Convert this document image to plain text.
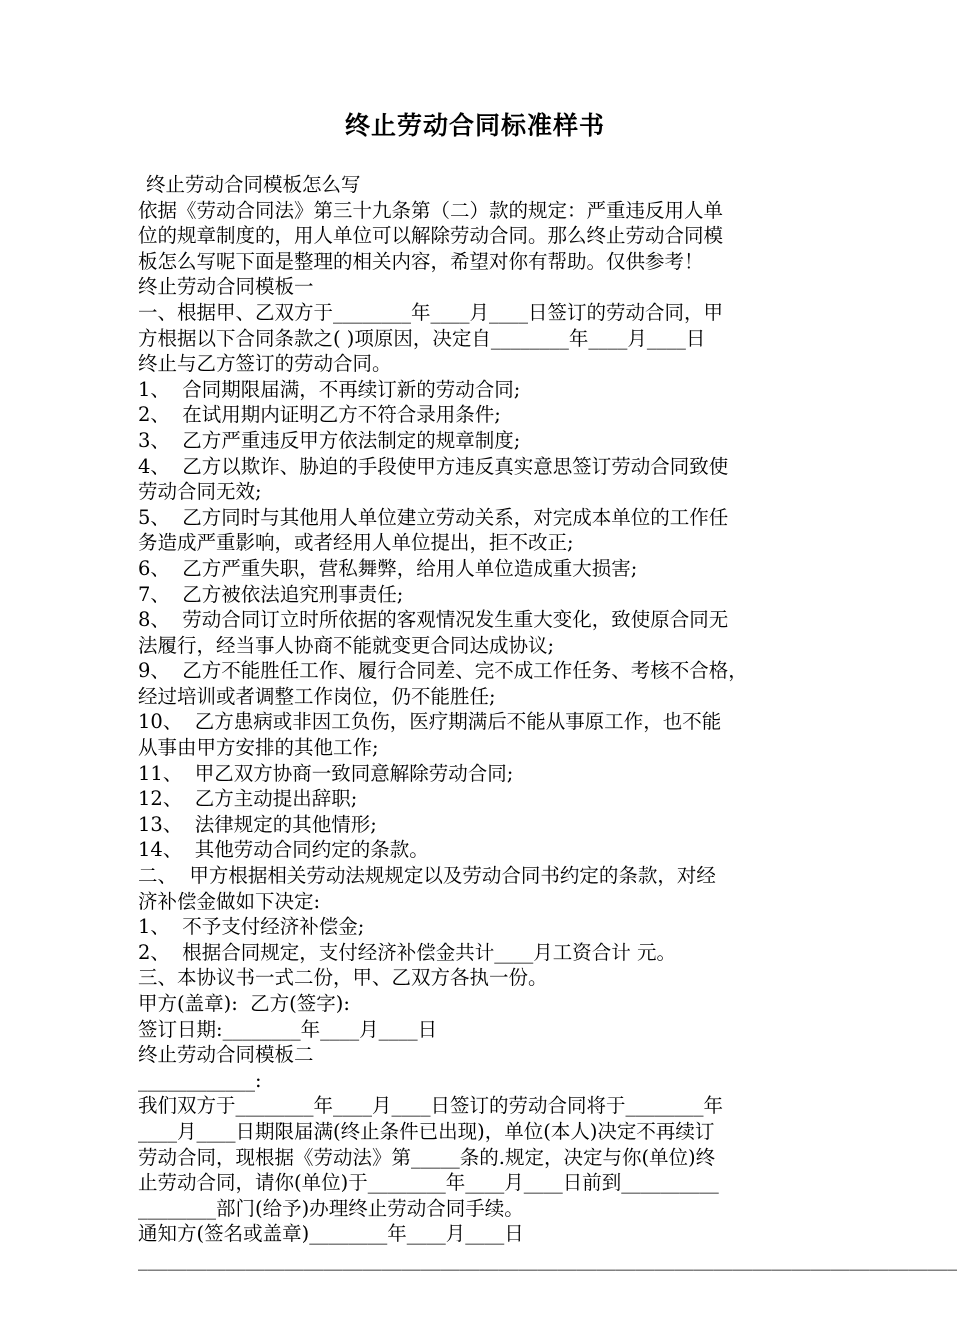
终止劳动合同标准样书
终止劳动合同模板怎么写
依据《劳动合同法》第三十九条第（二）款的规定：严重违反用人单
位的规章制度的，用人单位可以解除劳动合同。那么终止劳动合同模
板怎么写呢下面是整理的相关内容，希望对你有帮助。仅供参考！
终止劳动合同模板一
一、根据甲、乙双方于________年____月____日签订的劳动合同，甲
方根据以下合同条款之( )项原因，决定自________年____月____日
终止与乙方签订的劳动合同。
1、  合同期限届满，不再续订新的劳动合同;
2、  在试用期内证明乙方不符合录用条件;
3、  乙方严重违反甲方依法制定的规章制度;
4、  乙方以欺诈、胁迫的手段使甲方违反真实意思签订劳动合同致使
劳动合同无效;
5、  乙方同时与其他用人单位建立劳动关系，对完成本单位的工作任
务造成严重影响，或者经用人单位提出，拒不改正;
6、  乙方严重失职，营私舞弊，给用人单位造成重大损害;
7、  乙方被依法追究刑事责任;
8、  劳动合同订立时所依据的客观情况发生重大变化，致使原合同无
法履行，经当事人协商不能就变更合同达成协议;
9、  乙方不能胜任工作、履行合同差、完不成工作任务、考核不合格，
经过培训或者调整工作岗位，仍不能胜任;
10、  乙方患病或非因工负伤，医疗期满后不能从事原工作，也不能
从事由甲方安排的其他工作;
11、  甲乙双方协商一致同意解除劳动合同;
12、  乙方主动提出辞职;
13、  法律规定的其他情形;
14、  其他劳动合同约定的条款。
二、  甲方根据相关劳动法规规定以及劳动合同书约定的条款，对经
济补偿金做如下决定:
1、  不予支付经济补偿金;
2、  根据合同规定，支付经济补偿金共计____月工资合计 元。
三、本协议书一式二份，甲、乙双方各执一份。
甲方(盖章):  乙方(签字):
签订日期:________年____月____日
终止劳动合同模板二
____________:
我们双方于________年____月____日签订的劳动合同将于________年
____月____日期限届满(终止条件已出现)，单位(本人)决定不再续订
劳动合同，现根据《劳动法》第_____条的.规定，决定与你(单位)终
止劳动合同，请你(单位)于________年____月____日前到__________
________部门(给予)办理终止劳动合同手续。
通知方(签名或盖章)________年____月____日
____________________________________________________________________________________
